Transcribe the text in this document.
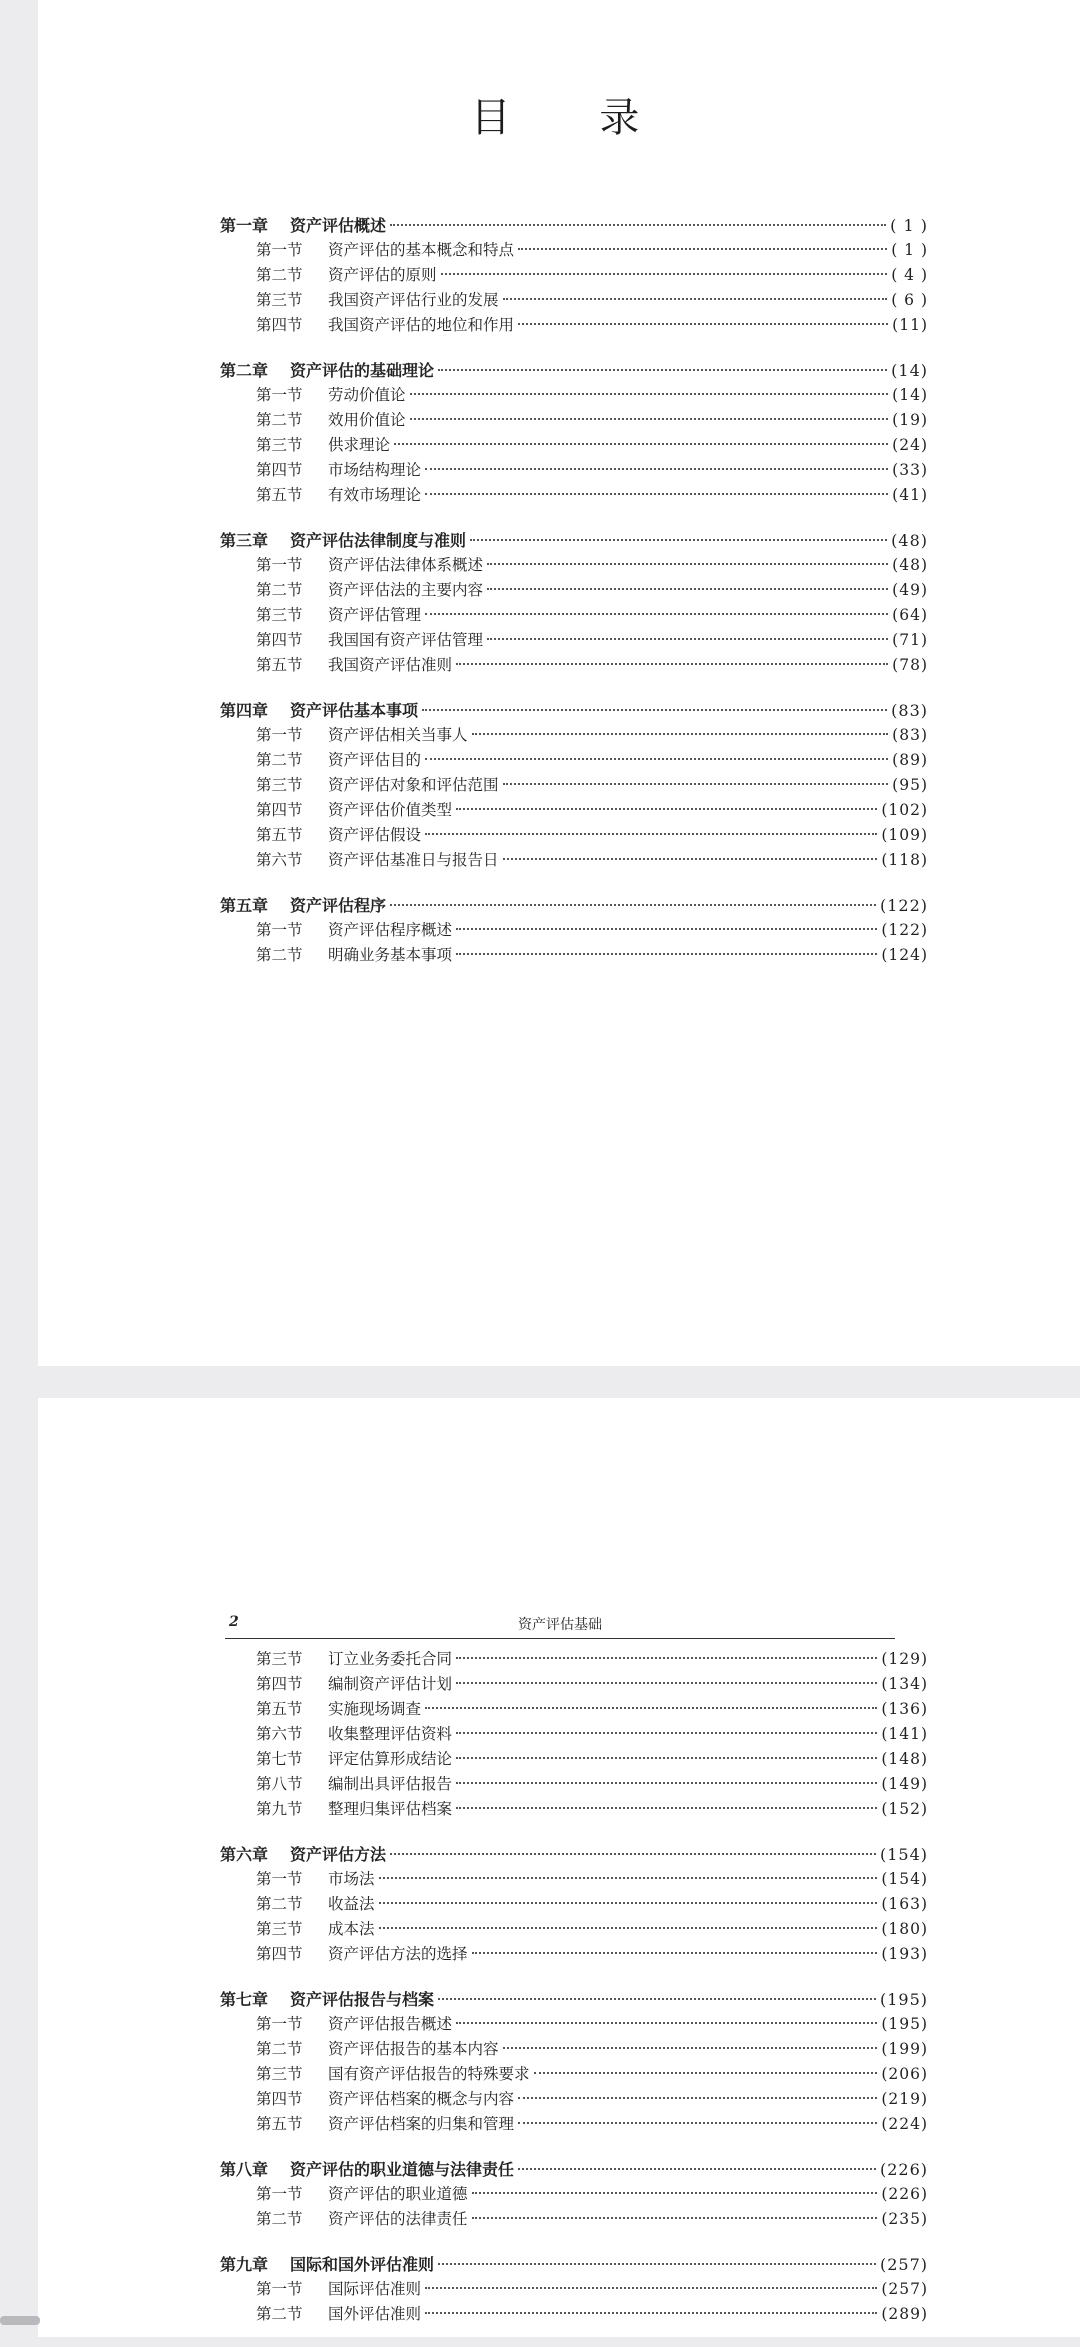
目 录
第一章	资产评估概述	( 1 )
第一节	资产评估的基本概念和特点	( 1 )
第二节	资产评估的原则	( 4 )
第三节	我国资产评估行业的发展	( 6 )
第四节	我国资产评估的地位和作用	(11)
第二章	资产评估的基础理论	(14)
第一节	劳动价值论	(14)
第二节	效用价值论	(19)
第三节	供求理论	(24)
第四节	市场结构理论	(33)
第五节	有效市场理论	(41)
第三章	资产评估法律制度与准则	(48)
第一节	资产评估法律体系概述	(48)
第二节	资产评估法的主要内容	(49)
第三节	资产评估管理	(64)
第四节	我国国有资产评估管理	(71)
第五节	我国资产评估准则	(78)
第四章	资产评估基本事项	(83)
第一节	资产评估相关当事人	(83)
第二节	资产评估目的	(89)
第三节	资产评估对象和评估范围	(95)
第四节	资产评估价值类型	(102)
第五节	资产评估假设	(109)
第六节	资产评估基准日与报告日	(118)
第五章	资产评估程序	(122)
第一节	资产评估程序概述	(122)
第二节	明确业务基本事项	(124)
第三节	订立业务委托合同	(129)
第四节	编制资产评估计划	(134)
第五节	实施现场调查	(136)
第六节	收集整理评估资料	(141)
第七节	评定估算形成结论	(148)
第八节	编制出具评估报告	(149)
第九节	整理归集评估档案	(152)
第六章	资产评估方法	(154)
第一节	市场法	(154)
第二节	收益法	(163)
第三节	成本法	(180)
第四节	资产评估方法的选择	(193)
第七章	资产评估报告与档案	(195)
第一节	资产评估报告概述	(195)
第二节	资产评估报告的基本内容	(199)
第三节	国有资产评估报告的特殊要求	(206)
第四节	资产评估档案的概念与内容	(219)
第五节	资产评估档案的归集和管理	(224)
第八章	资产评估的职业道德与法律责任	(226)
第一节	资产评估的职业道德	(226)
第二节	资产评估的法律责任	(235)
第九章	国际和国外评估准则	(257)
第一节	国际评估准则	(257)
第二节	国外评估准则	(289)
2	资产评估基础
